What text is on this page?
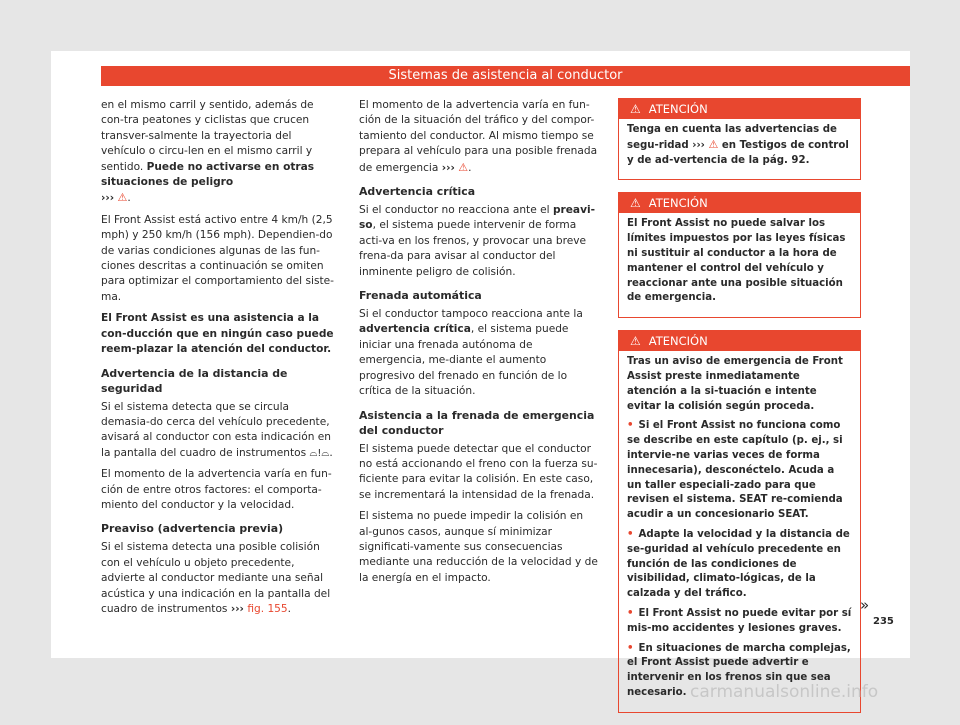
Sistemas de asistencia al conductor

en el mismo carril y sentido, además de con-tra peatones y ciclistas que crucen transver-salmente la trayectoria del vehículo o circu-len en el mismo carril y sentido. Puede no activarse en otras situaciones de peligro
››› ⚠.

El Front Assist está activo entre 4 km/h (2,5 mph) y 250 km/h (156 mph). Dependien-do de varias condiciones algunas de las fun-ciones descritas a continuación se omiten para optimizar el comportamiento del siste-ma.

El Front Assist es una asistencia a la con-ducción que en ningún caso puede reem-plazar la atención del conductor.

Advertencia de la distancia de seguridad

Si el sistema detecta que se circula demasia-do cerca del vehículo precedente, avisará al conductor con esta indicación en la pantalla del cuadro de instrumentos ⌓!⌓.

El momento de la advertencia varía en fun-ción de entre otros factores: el comporta-miento del conductor y la velocidad.

Preaviso (advertencia previa)

Si el sistema detecta una posible colisión con el vehículo u objeto precedente, advierte al conductor mediante una señal acústica y una indicación en la pantalla del cuadro de instrumentos ››› fig. 155.

El momento de la advertencia varía en fun-ción de la situación del tráfico y del compor-tamiento del conductor. Al mismo tiempo se prepara al vehículo para una posible frenada de emergencia ››› ⚠.

Advertencia crítica

Si el conductor no reacciona ante el preavi-so, el sistema puede intervenir de forma acti-va en los frenos, y provocar una breve frena-da para avisar al conductor del inminente peligro de colisión.

Frenada automática

Si el conductor tampoco reacciona ante la advertencia crítica, el sistema puede iniciar una frenada autónoma de emergencia, me-diante el aumento progresivo del frenado en función de lo crítica de la situación.

Asistencia a la frenada de emergencia del conductor

El sistema puede detectar que el conductor no está accionando el freno con la fuerza su-ficiente para evitar la colisión. En este caso, se incrementará la intensidad de la frenada.

El sistema no puede impedir la colisión en al-gunos casos, aunque sí minimizar significati-vamente sus consecuencias mediante una reducción de la velocidad y de la energía en el impacto.

⚠ ATENCIÓN

Tenga en cuenta las advertencias de segu-ridad ››› ⚠ en Testigos de control y de ad-vertencia de la pág. 92.

⚠ ATENCIÓN

El Front Assist no puede salvar los límites impuestos por las leyes físicas ni sustituir al conductor a la hora de mantener el control del vehículo y reaccionar ante una posible situación de emergencia.

⚠ ATENCIÓN

Tras un aviso de emergencia de Front Assist preste inmediatamente atención a la si-tuación e intente evitar la colisión según proceda.

• Si el Front Assist no funciona como se describe en este capítulo (p. ej., si intervie-ne varias veces de forma innecesaria), desconéctelo. Acuda a un taller especiali-zado para que revisen el sistema. SEAT re-comienda acudir a un concesionario SEAT.

• Adapte la velocidad y la distancia de se-guridad al vehículo precedente en función de las condiciones de visibilidad, climato-lógicas, de la calzada y del tráfico.

• El Front Assist no puede evitar por sí mis-mo accidentes y lesiones graves.

• En situaciones de marcha complejas, el Front Assist puede advertir e intervenir en los frenos sin que sea necesario.

»
235
carmanualsonline.info
